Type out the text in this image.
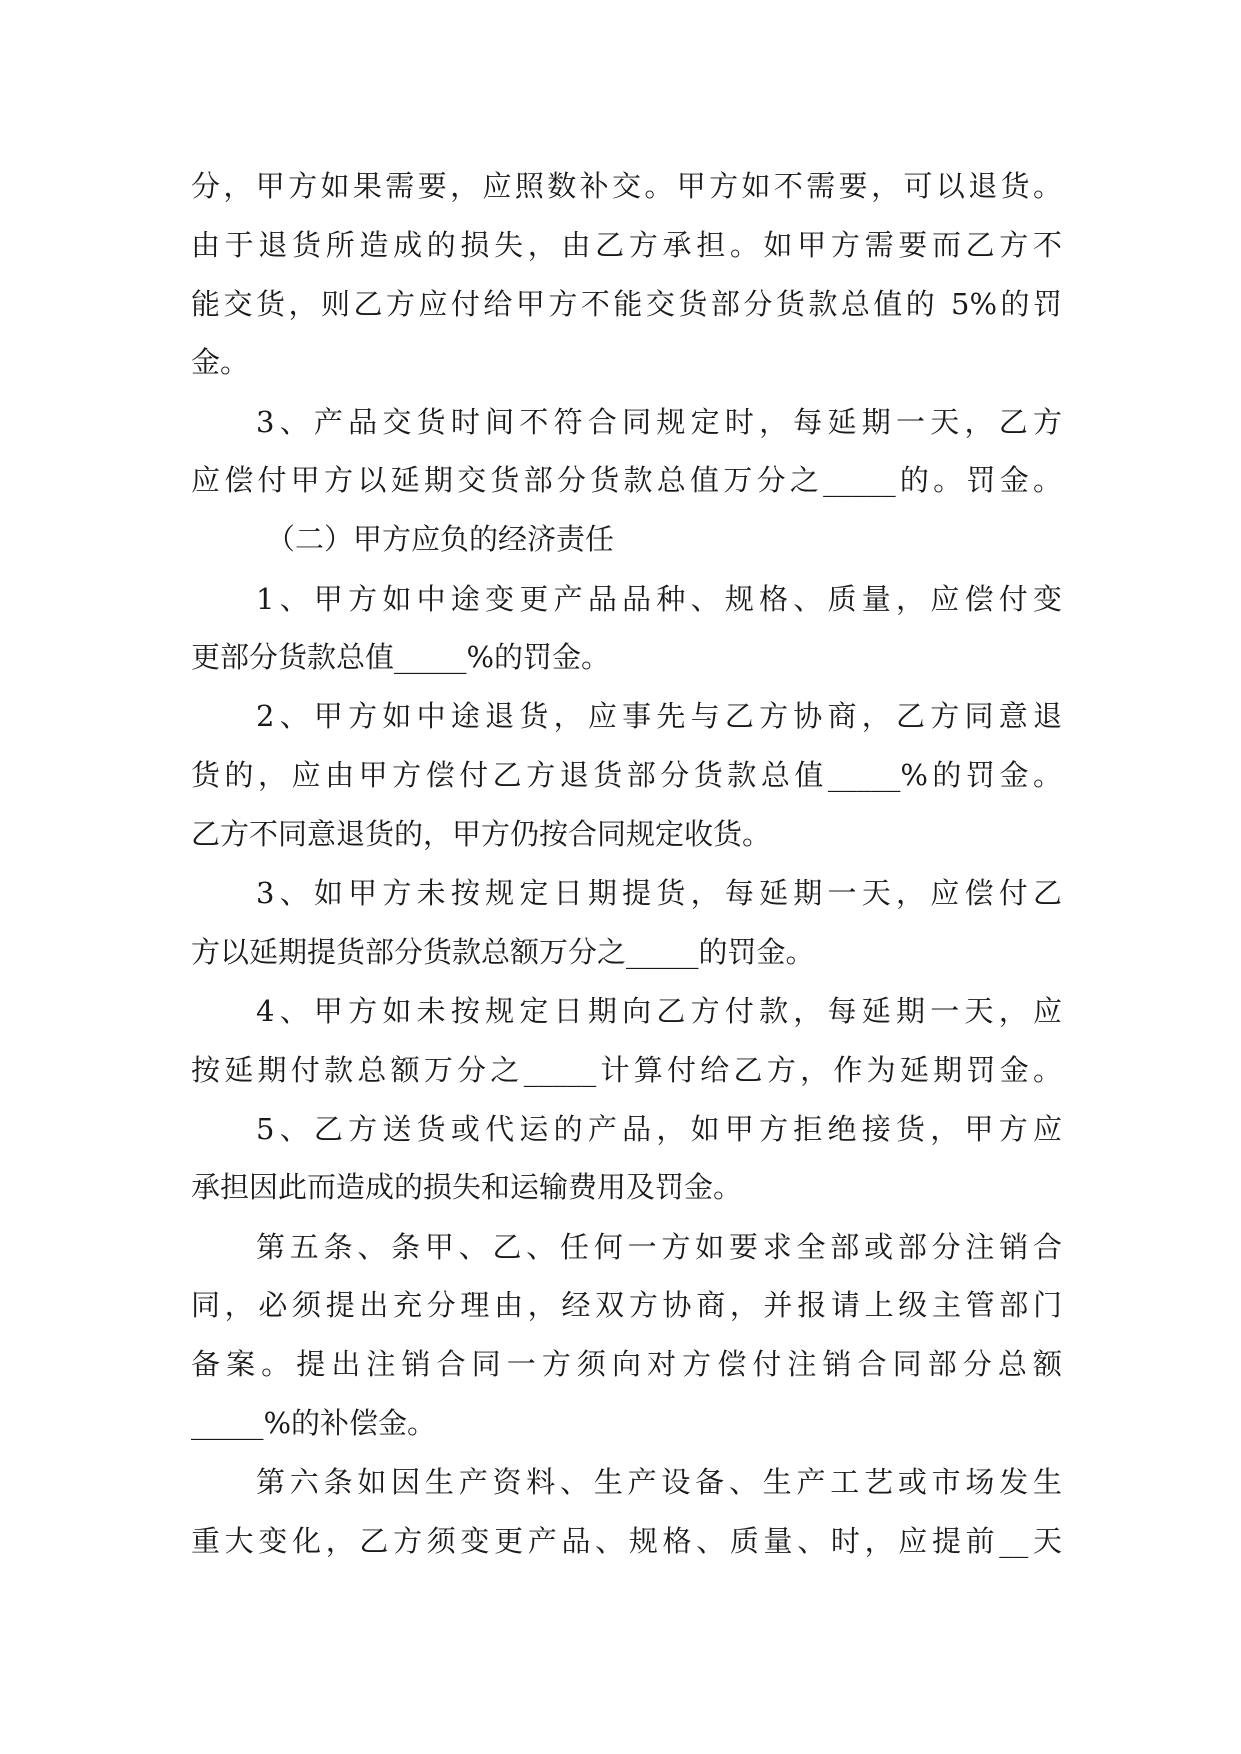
分，甲方如果需要，应照数补交。甲方如不需要，可以退货。
由于退货所造成的损失，由乙方承担。如甲方需要而乙方不
能交货，则乙方应付给甲方不能交货部分货款总值的 5%的罚
金。
3、产品交货时间不符合同规定时，每延期一天，乙方
应偿付甲方以延期交货部分货款总值万分之_____的。罚金。
（二）甲方应负的经济责任
1、甲方如中途变更产品品种、规格、质量，应偿付变
更部分货款总值_____%的罚金。
2、甲方如中途退货，应事先与乙方协商，乙方同意退
货的，应由甲方偿付乙方退货部分货款总值_____%的罚金。
乙方不同意退货的，甲方仍按合同规定收货。
3、如甲方未按规定日期提货，每延期一天，应偿付乙
方以延期提货部分货款总额万分之_____的罚金。
4、甲方如未按规定日期向乙方付款，每延期一天，应
按延期付款总额万分之_____计算付给乙方，作为延期罚金。
5、乙方送货或代运的产品，如甲方拒绝接货，甲方应
承担因此而造成的损失和运输费用及罚金。
第五条、条甲、乙、任何一方如要求全部或部分注销合
同，必须提出充分理由，经双方协商，并报请上级主管部门
备案。提出注销合同一方须向对方偿付注销合同部分总额
_____%的补偿金。
第六条如因生产资料、生产设备、生产工艺或市场发生
重大变化，乙方须变更产品、规格、质量、时，应提前__天
